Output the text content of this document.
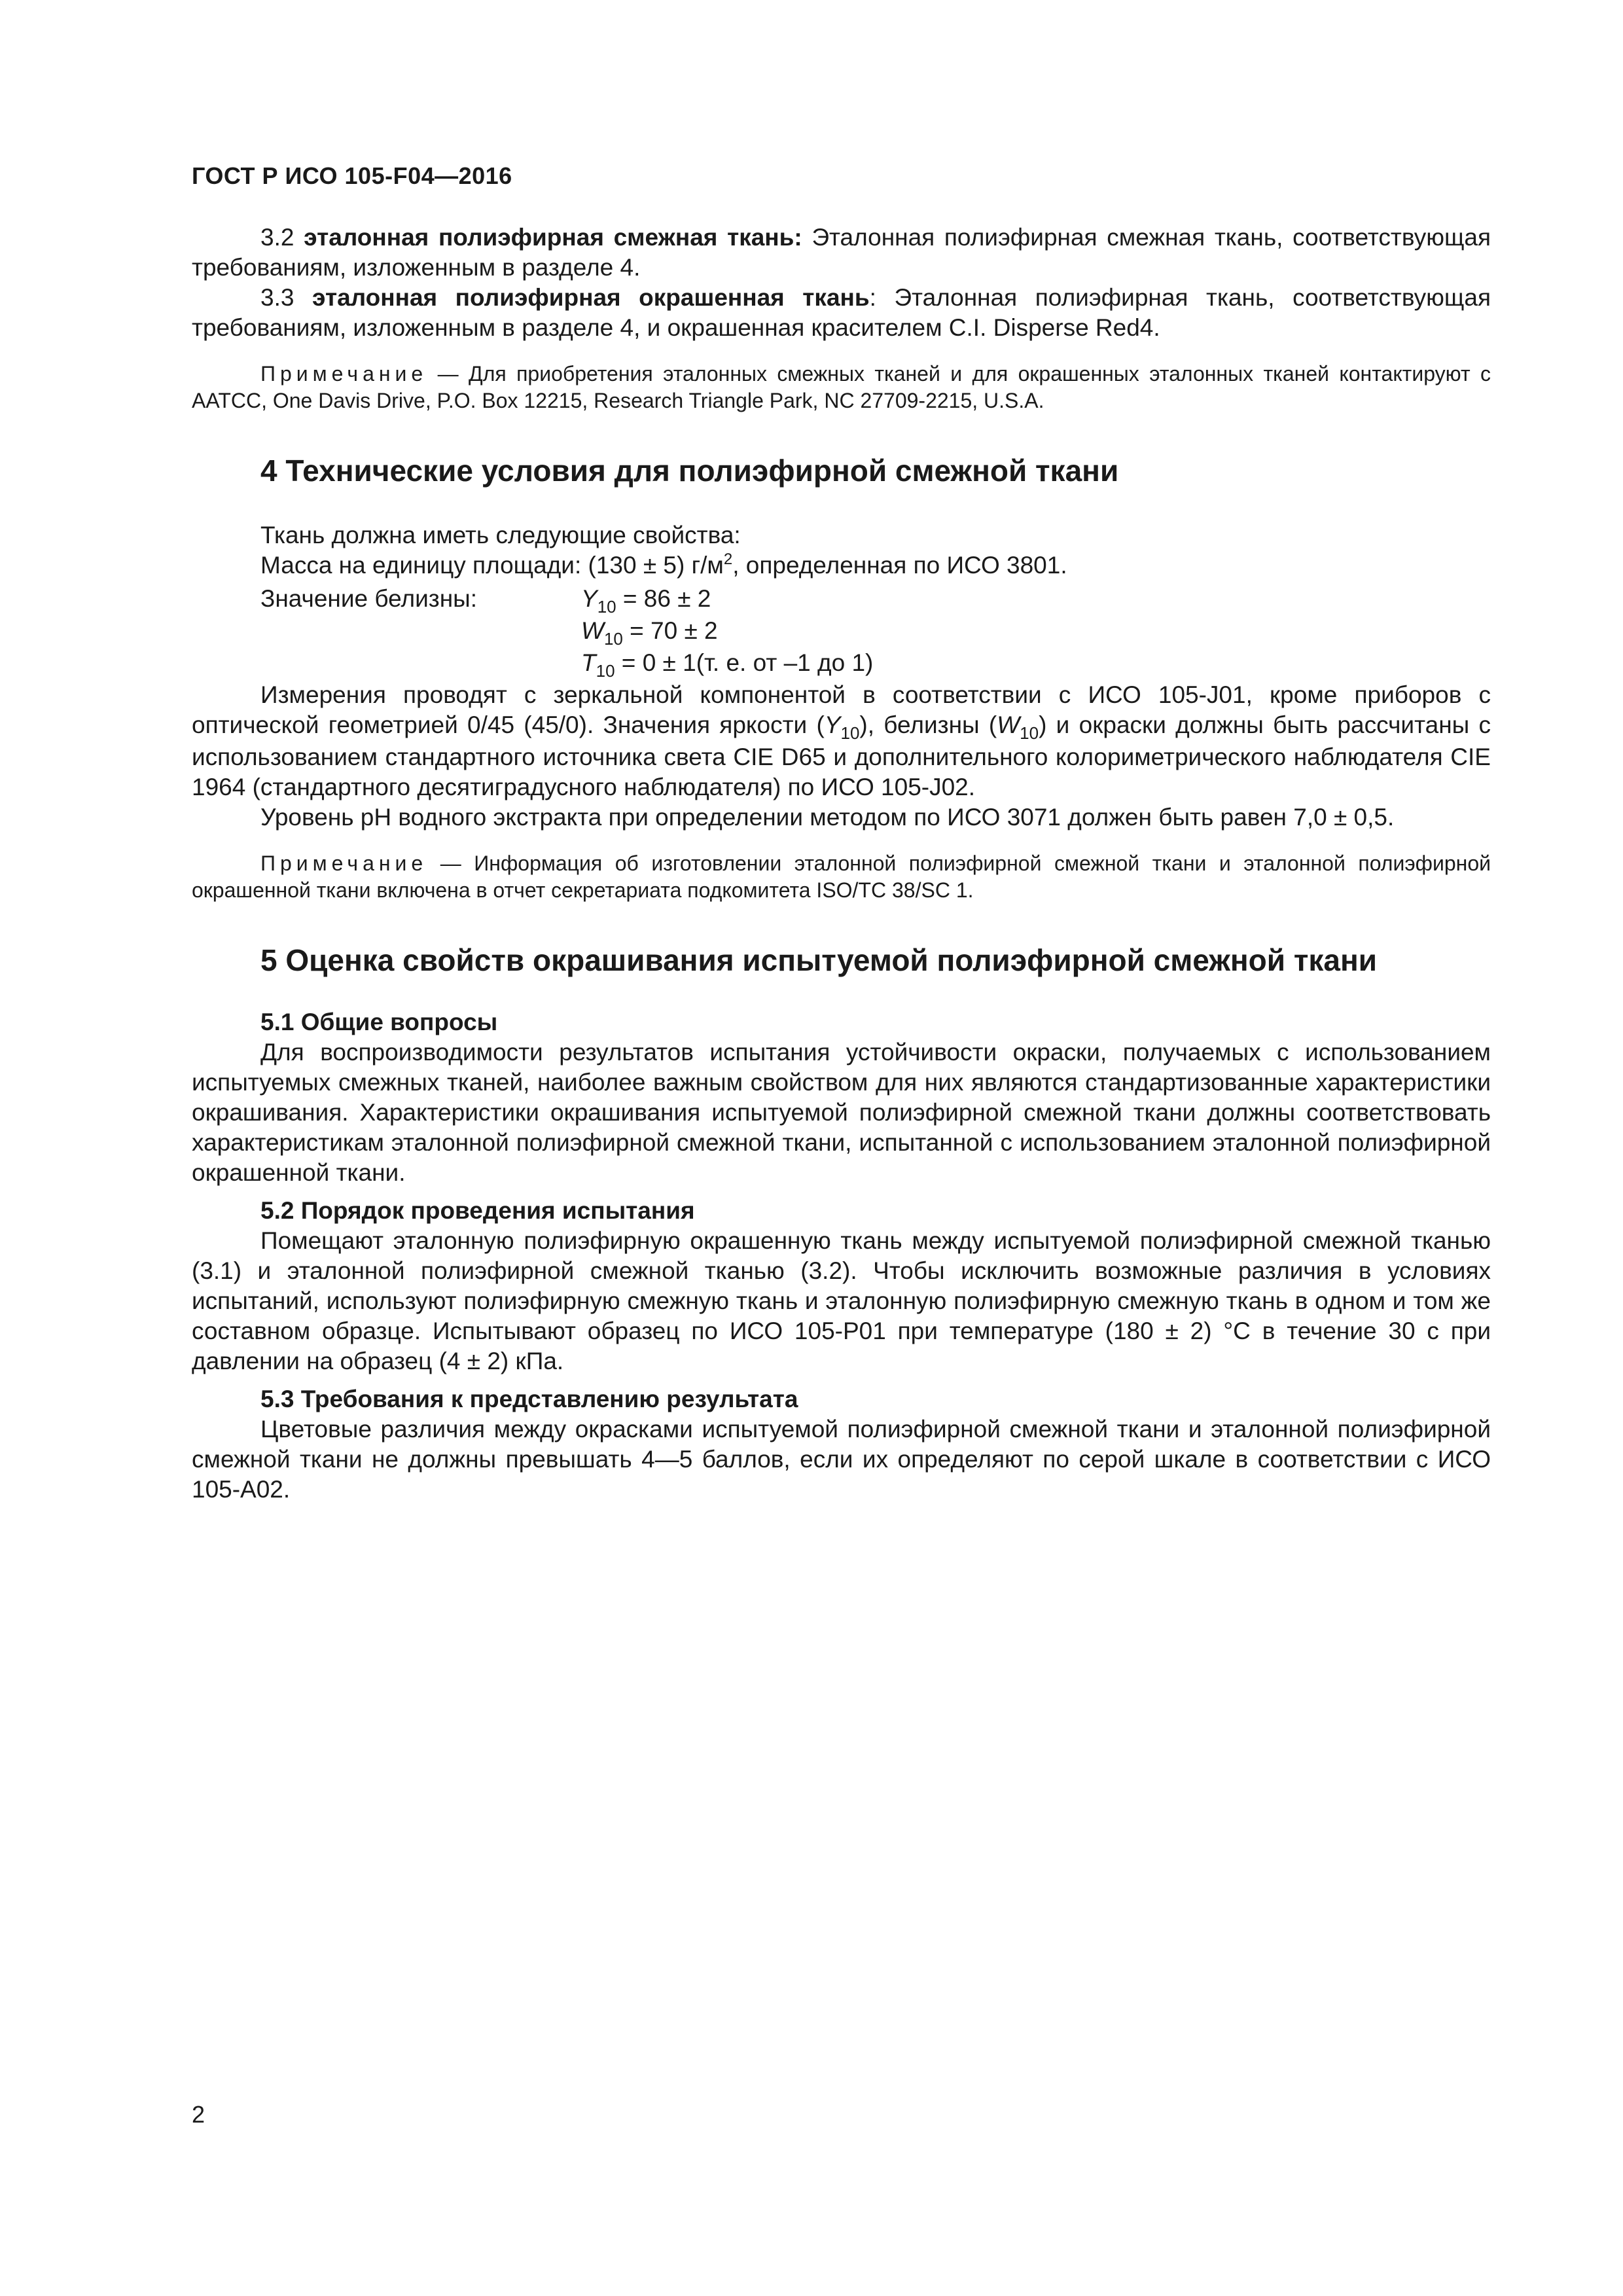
ГОСТ Р ИСО 105-F04—2016

3.2 эталонная полиэфирная смежная ткань: Эталонная полиэфирная смежная ткань, соответствующая требованиям, изложенным в разделе 4.

3.3 эталонная полиэфирная окрашенная ткань: Эталонная полиэфирная ткань, соответствующая требованиям, изложенным в разделе 4, и окрашенная красителем C.I. Disperse Red4.

Примечание — Для приобретения эталонных смежных тканей и для окрашенных эталонных тканей контактируют с AATCC, One Davis Drive, P.O. Box 12215, Research Triangle Park, NC 27709-2215, U.S.A.
4 Технические условия для полиэфирной смежной ткани

Ткань должна иметь следующие свойства:

Масса на единицу площади: (130 ± 5) $г/м^2$, определенная по ИСО 3801.

Значение белизны:	$Y_{10} = 86 \pm 2$
$W_{10} = 70 \pm 2$
$T_{10} = 0 \pm 1(т$. е. от –1 до 1)

Измерения проводят с зеркальной компонентой в соответствии с ИСО 105-J01, кроме приборов с оптической геометрией 0/45 (45/0). Значения яркости $(Y_{10})$, белизны $(W_{10})$ и окраски должны быть рассчитаны с использованием стандартного источника света CIE D65 и дополнительного колориметрического наблюдателя CIE 1964 (стандартного десятиградусного наблюдателя) по ИСО 105-J02.

Уровень pH водного экстракта при определении методом по ИСО 3071 должен быть равен 7,0 ± 0,5.

Примечание — Информация об изготовлении эталонной полиэфирной смежной ткани и эталонной полиэфирной окрашенной ткани включена в отчет секретариата подкомитета ISO/TC 38/SC 1.
5 Оценка свойств окрашивания испытуемой полиэфирной смежной ткани
5.1 Общие вопросы

Для воспроизводимости результатов испытания устойчивости окраски, получаемых с использованием испытуемых смежных тканей, наиболее важным свойством для них являются стандартизованные характеристики окрашивания. Характеристики окрашивания испытуемой полиэфирной смежной ткани должны соответствовать характеристикам эталонной полиэфирной смежной ткани, испытанной с использованием эталонной полиэфирной окрашенной ткани.

5.2 Порядок проведения испытания

Помещают эталонную полиэфирную окрашенную ткань между испытуемой полиэфирной смежной тканью (3.1) и эталонной полиэфирной смежной тканью (3.2). Чтобы исключить возможные различия в условиях испытаний, используют полиэфирную смежную ткань и эталонную полиэфирную смежную ткань в одном и том же составном образце. Испытывают образец по ИСО 105-P01 при температуре (180 ± 2) °C в течение 30 с при давлении на образец (4 ± 2) кПа.

5.3 Требования к представлению результата

Цветовые различия между окрасками испытуемой полиэфирной смежной ткани и эталонной полиэфирной смежной ткани не должны превышать 4—5 баллов, если их определяют по серой шкале в соответствии с ИСО 105-A02.

2
